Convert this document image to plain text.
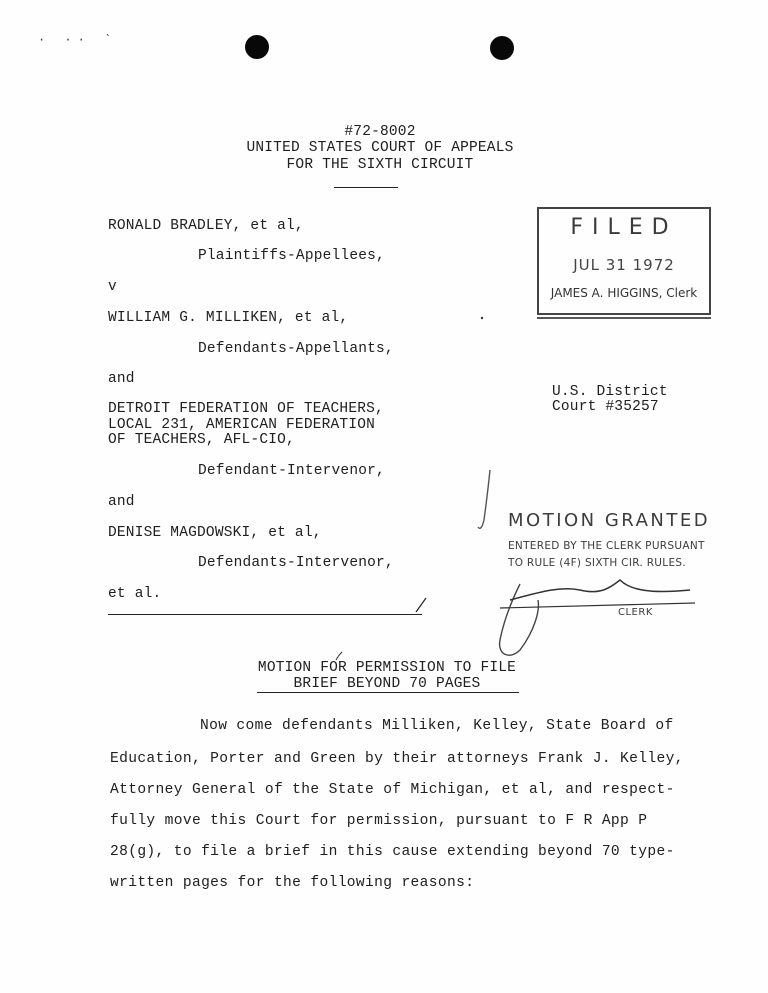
· ·· ‵
#72-8002
UNITED STATES COURT OF APPEALS
FOR THE SIXTH CIRCUIT
RONALD BRADLEY, et al,
Plaintiffs-Appellees,
v
WILLIAM G. MILLIKEN, et al,
Defendants-Appellants,
and
DETROIT FEDERATION OF TEACHERS,
LOCAL 231, AMERICAN FEDERATION
OF TEACHERS, AFL-CIO,
Defendant-Intervenor,
and
DENISE MAGDOWSKI, et al,
Defendants-Intervenor,
et al.
U.S. District
Court #35257
FILED
JUL 31 1972
JAMES A. HIGGINS, Clerk
MOTION GRANTED
ENTERED BY THE CLERK PURSUANT
TO RULE (4F) SIXTH CIR. RULES.
CLERK
MOTION FOR PERMISSION TO FILE
BRIEF BEYOND 70 PAGES
Now come defendants Milliken, Kelley, State Board of
Education, Porter and Green by their attorneys Frank J. Kelley,
Attorney General of the State of Michigan, et al, and respect-
fully move this Court for permission, pursuant to F R App P
28(g), to file a brief in this cause extending beyond 70 type-
written pages for the following reasons:
